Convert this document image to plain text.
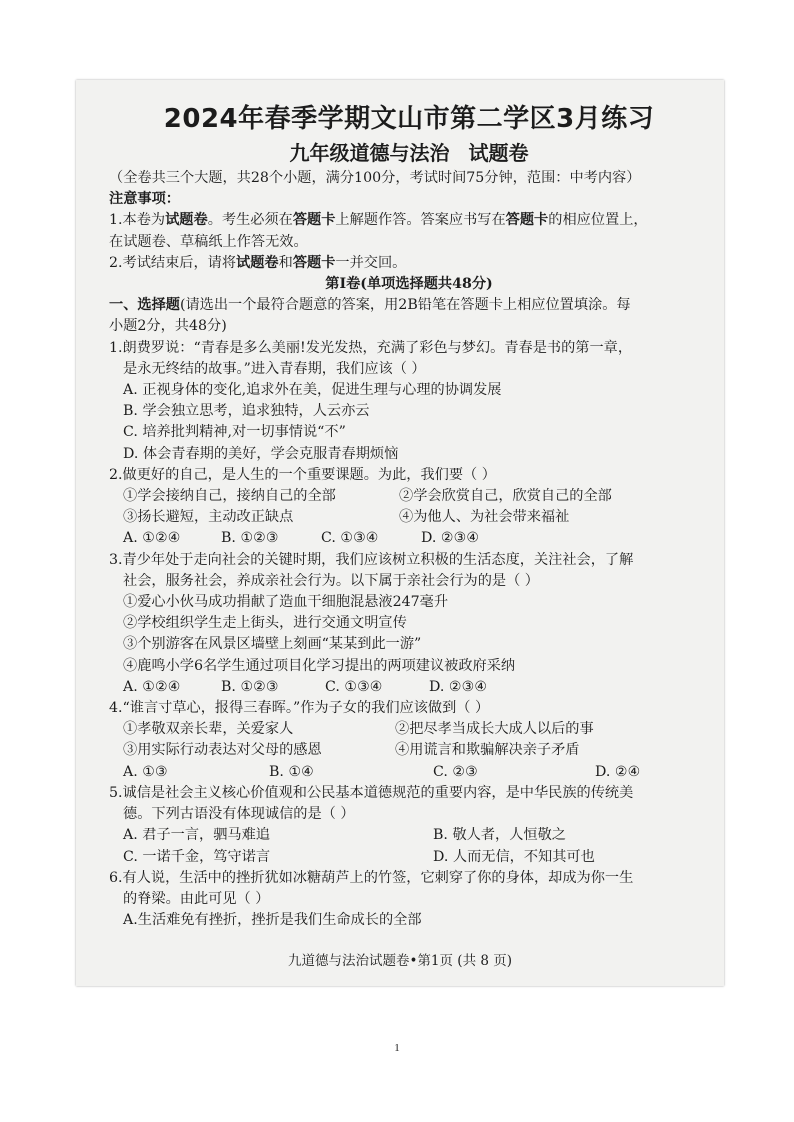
2024年春季学期文山市第二学区3月练习
九年级道德与法治 试题卷
（全卷共三个大题，共28个小题，满分100分，考试时间75分钟，范围：中考内容）
注意事项：
1.本卷为试题卷。考生必须在答题卡上解题作答。答案应书写在答题卡的相应位置上，
在试题卷、草稿纸上作答无效。
2.考试结束后，请将试题卷和答题卡一并交回。
第Ⅰ卷(单项选择题共48分)
一、选择题(请选出一个最符合题意的答案，用2B铅笔在答题卡上相应位置填涂。每
小题2分，共48分)
1.朗费罗说：“青春是多么美丽!发光发热，充满了彩色与梦幻。青春是书的第一章，
是永无终结的故事。”进入青春期，我们应该（ ）
A. 正视身体的变化,追求外在美，促进生理与心理的协调发展
B. 学会独立思考，追求独特，人云亦云
C. 培养批判精神,对一切事情说“不”
D. 体会青春期的美好，学会克服青春期烦恼
2.做更好的自己，是人生的一个重要课题。为此，我们要（ ）
①学会接纳自己，接纳自己的全部	②学会欣赏自己，欣赏自己的全部
③扬长避短，主动改正缺点	④为他人、为社会带来福祉
A. ①②④	B. ①②③	C. ①③④	D. ②③④
3.青少年处于走向社会的关键时期，我们应该树立积极的生活态度，关注社会，了解
社会，服务社会，养成亲社会行为。以下属于亲社会行为的是（ ）
①爱心小伙马成功捐献了造血干细胞混悬液247毫升
②学校组织学生走上街头，进行交通文明宣传
③个别游客在风景区墙壁上刻画“某某到此一游”
④鹿鸣小学6名学生通过项目化学习提出的两项建议被政府采纳
A. ①②④	B. ①②③	C. ①③④	D. ②③④
4.“谁言寸草心，报得三春晖。”作为子女的我们应该做到（ ）
①孝敬双亲长辈，关爱家人	②把尽孝当成长大成人以后的事
③用实际行动表达对父母的感恩	④用谎言和欺骗解决亲子矛盾
A. ①③	B. ①④	C. ②③	D. ②④
5.诚信是社会主义核心价值观和公民基本道德规范的重要内容，是中华民族的传统美
德。下列古语没有体现诚信的是（ ）
A. 君子一言，驷马难追	B. 敬人者，人恒敬之
C. 一诺千金，笃守诺言	D. 人而无信，不知其可也
6.有人说，生活中的挫折犹如冰糖葫芦上的竹签，它刺穿了你的身体，却成为你一生
的脊梁。由此可见（ ）
A.生活难免有挫折，挫折是我们生命成长的全部
九道德与法治试题卷•第1页 (共 8 页)
1
